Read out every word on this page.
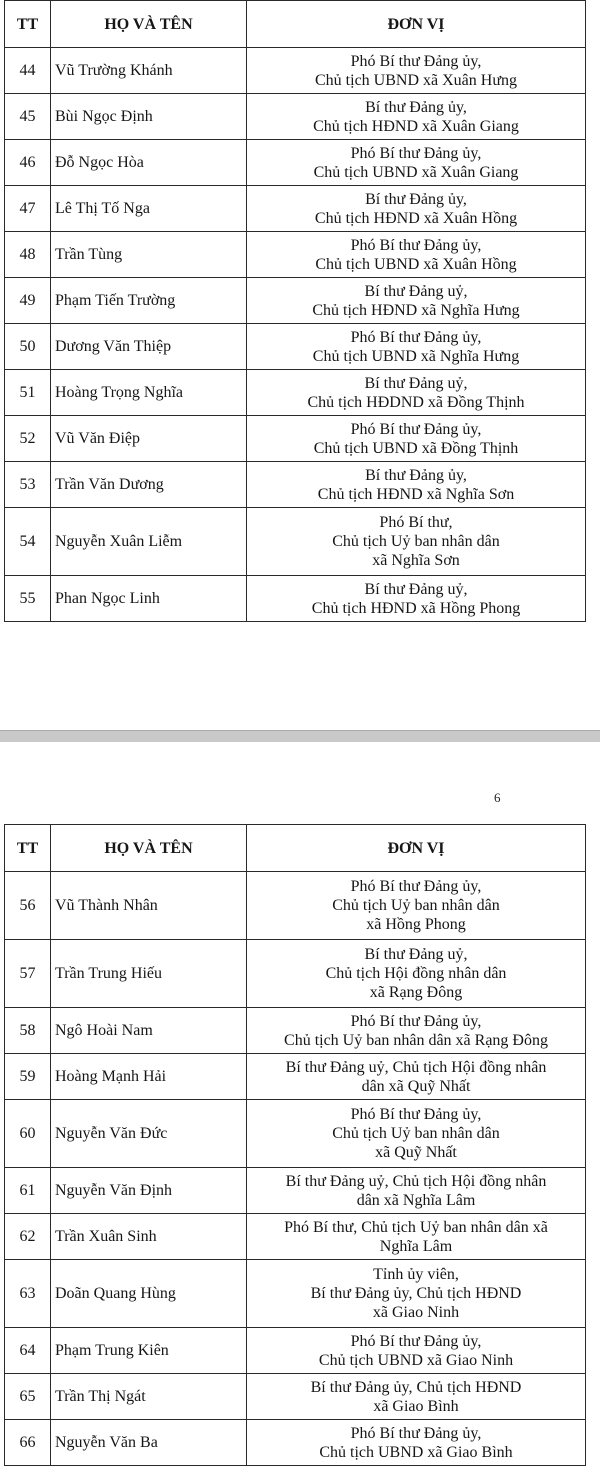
TT	HỌ VÀ TÊN	ĐƠN VỊ
44	Vũ Trường Khánh	Phó Bí thư Đảng ủy,
Chủ tịch UBND xã Xuân Hưng
45	Bùi Ngọc Định	Bí thư Đảng ủy,
Chủ tịch HĐND xã Xuân Giang
46	Đỗ Ngọc Hòa	Phó Bí thư Đảng ủy,
Chủ tịch UBND xã Xuân Giang
47	Lê Thị Tố Nga	Bí thư Đảng ủy,
Chủ tịch HĐND xã Xuân Hồng
48	Trần Tùng	Phó Bí thư Đảng ủy,
Chủ tịch UBND xã Xuân Hồng
49	Phạm Tiến Trường	Bí thư Đảng uỷ,
Chủ tịch HĐND xã Nghĩa Hưng
50	Dương Văn Thiệp	Phó Bí thư Đảng ủy,
Chủ tịch UBND xã Nghĩa Hưng
51	Hoàng Trọng Nghĩa	Bí thư Đảng uỷ,
Chủ tịch HĐDND xã Đồng Thịnh
52	Vũ Văn Điệp	Phó Bí thư Đảng ủy,
Chủ tịch UBND xã Đồng Thịnh
53	Trần Văn Dương	Bí thư Đảng ủy,
Chủ tịch HĐND xã Nghĩa Sơn
54	Nguyễn Xuân Liễm	Phó Bí thư,
Chủ tịch Uỷ ban nhân dân
xã Nghĩa Sơn
55	Phan Ngọc Linh	Bí thư Đảng uỷ,
Chủ tịch HĐND xã Hồng Phong
6
TT	HỌ VÀ TÊN	ĐƠN VỊ
56	Vũ Thành Nhân	Phó Bí thư Đảng ủy,
Chủ tịch Uỷ ban nhân dân
xã Hồng Phong
57	Trần Trung Hiếu	Bí thư Đảng uỷ,
Chủ tịch Hội đồng nhân dân
xã Rạng Đông
58	Ngô Hoài Nam	Phó Bí thư Đảng ủy,
Chủ tịch Uỷ ban nhân dân xã Rạng Đông
59	Hoàng Mạnh Hải	Bí thư Đảng uỷ, Chủ tịch Hội đồng nhân
dân xã Quỹ Nhất
60	Nguyễn Văn Đức	Phó Bí thư Đảng ủy,
Chủ tịch Uỷ ban nhân dân
xã Quỹ Nhất
61	Nguyễn Văn Định	Bí thư Đảng uỷ, Chủ tịch Hội đồng nhân
dân xã Nghĩa Lâm
62	Trần Xuân Sinh	Phó Bí thư, Chủ tịch Uỷ ban nhân dân xã
Nghĩa Lâm
63	Doãn Quang Hùng	Tỉnh ủy viên,
Bí thư Đảng ủy, Chủ tịch HĐND
xã Giao Ninh
64	Phạm Trung Kiên	Phó Bí thư Đảng ủy,
Chủ tịch UBND xã Giao Ninh
65	Trần Thị Ngát	Bí thư Đảng ủy, Chủ tịch HĐND
xã Giao Bình
66	Nguyễn Văn Ba	Phó Bí thư Đảng ủy,
Chủ tịch UBND xã Giao Bình
